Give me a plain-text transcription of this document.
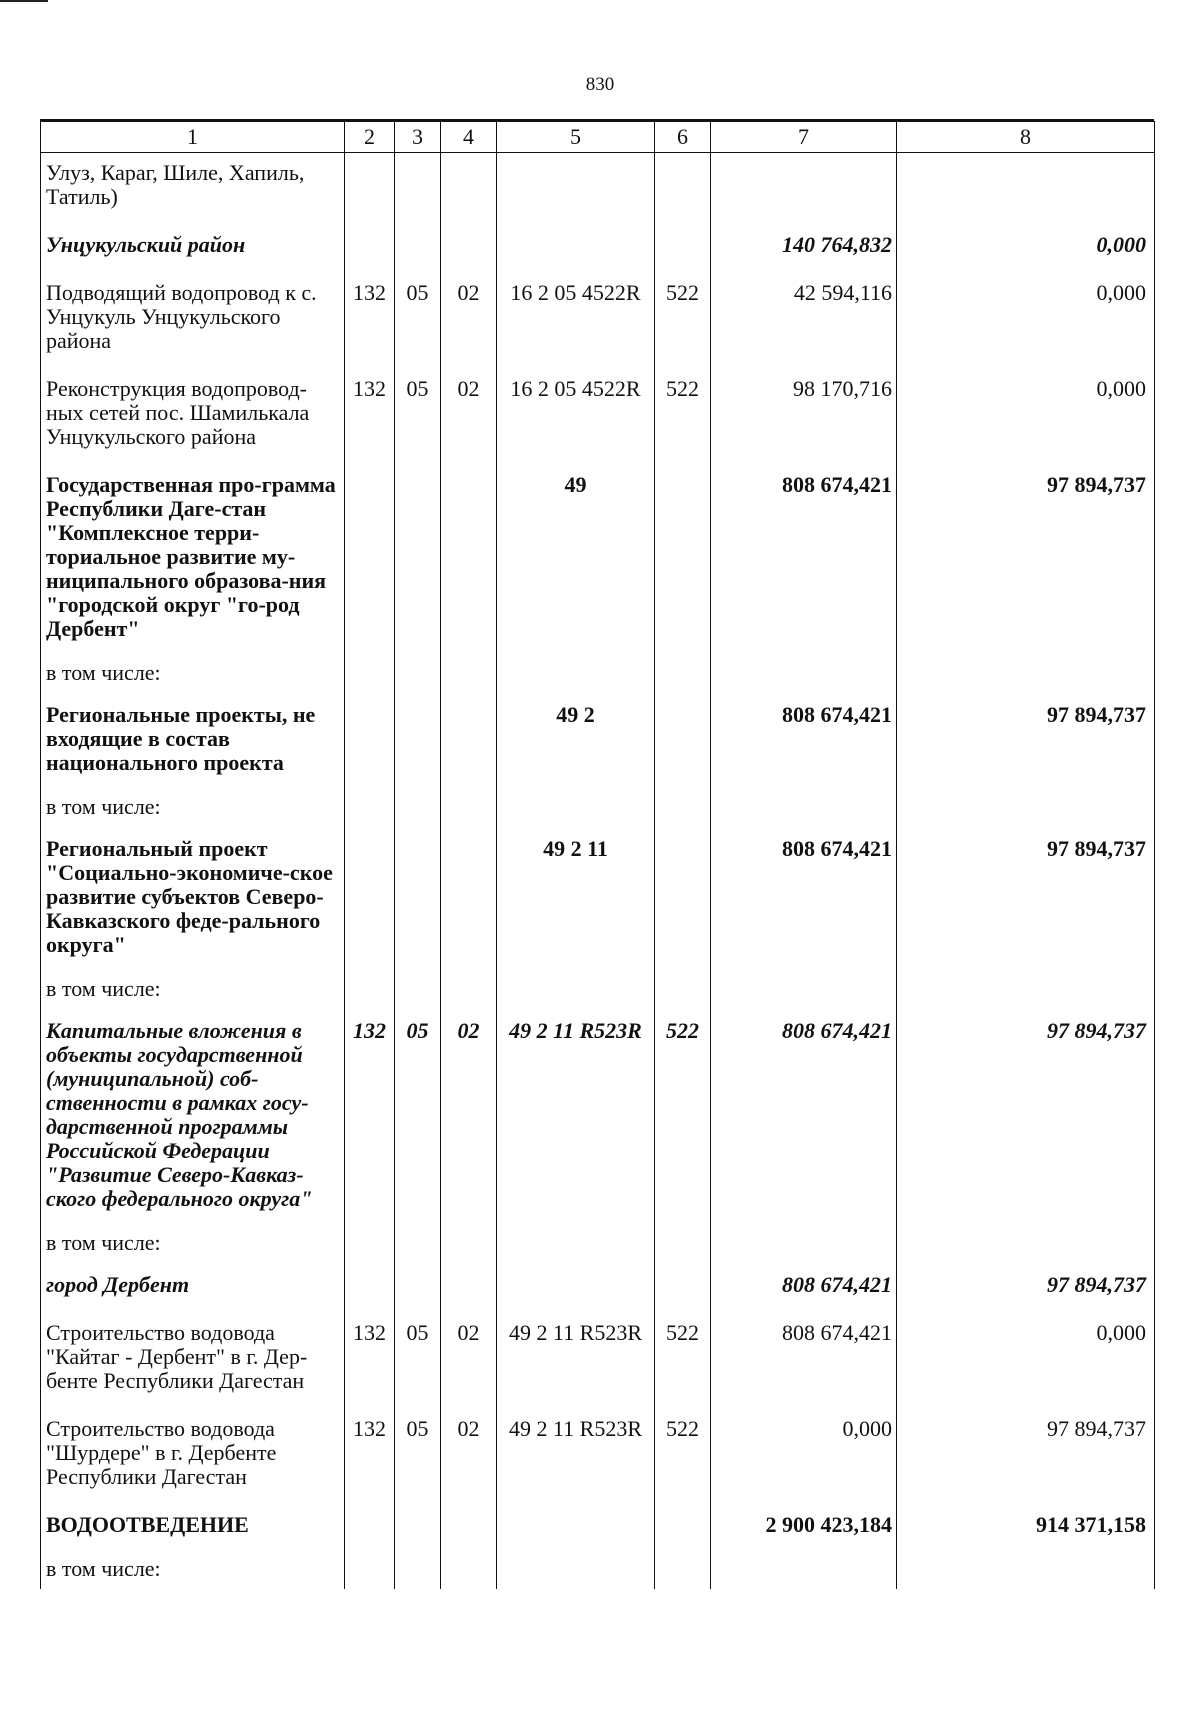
830
1	2	3	4	5	6	7	8
Улуз, Караг, Шиле, Хапиль, Татиль)							
Унцукульский район						140 764,832	0,000
Подводящий водопровод к с. Унцукуль Унцукульского района	132	05	02	16 2 05 4522R	522	42 594,116	0,000
Реконструкция водопровод-ных сетей пос. Шамилькала Унцукульского района	132	05	02	16 2 05 4522R	522	98 170,716	0,000
Государственная про-грамма Республики Даге-стан "Комплексное терри-ториальное развитие му-ниципального образова-ния "городской округ "го-род Дербент"				49		808 674,421	97 894,737
в том числе:							
Региональные проекты, не входящие в состав национального проекта				49 2		808 674,421	97 894,737
в том числе:							
Региональный проект "Социально-экономиче-ское развитие субъектов Северо-Кавказского феде-рального округа"				49 2 11		808 674,421	97 894,737
в том числе:							
Капитальные вложения в объекты государственной (муниципальной) соб-ственности в рамках госу-дарственной программы Российской Федерации "Развитие Северо-Кавказ-ского федерального округа"	132	05	02	49 2 11 R523R	522	808 674,421	97 894,737
в том числе:							
город Дербент						808 674,421	97 894,737
Строительство водовода "Кайтаг - Дербент" в г. Дер-бенте Республики Дагестан	132	05	02	49 2 11 R523R	522	808 674,421	0,000
Строительство водовода "Шурдере" в г. Дербенте Республики Дагестан	132	05	02	49 2 11 R523R	522	0,000	97 894,737
ВОДООТВЕДЕНИЕ						2 900 423,184	914 371,158
в том числе:							
